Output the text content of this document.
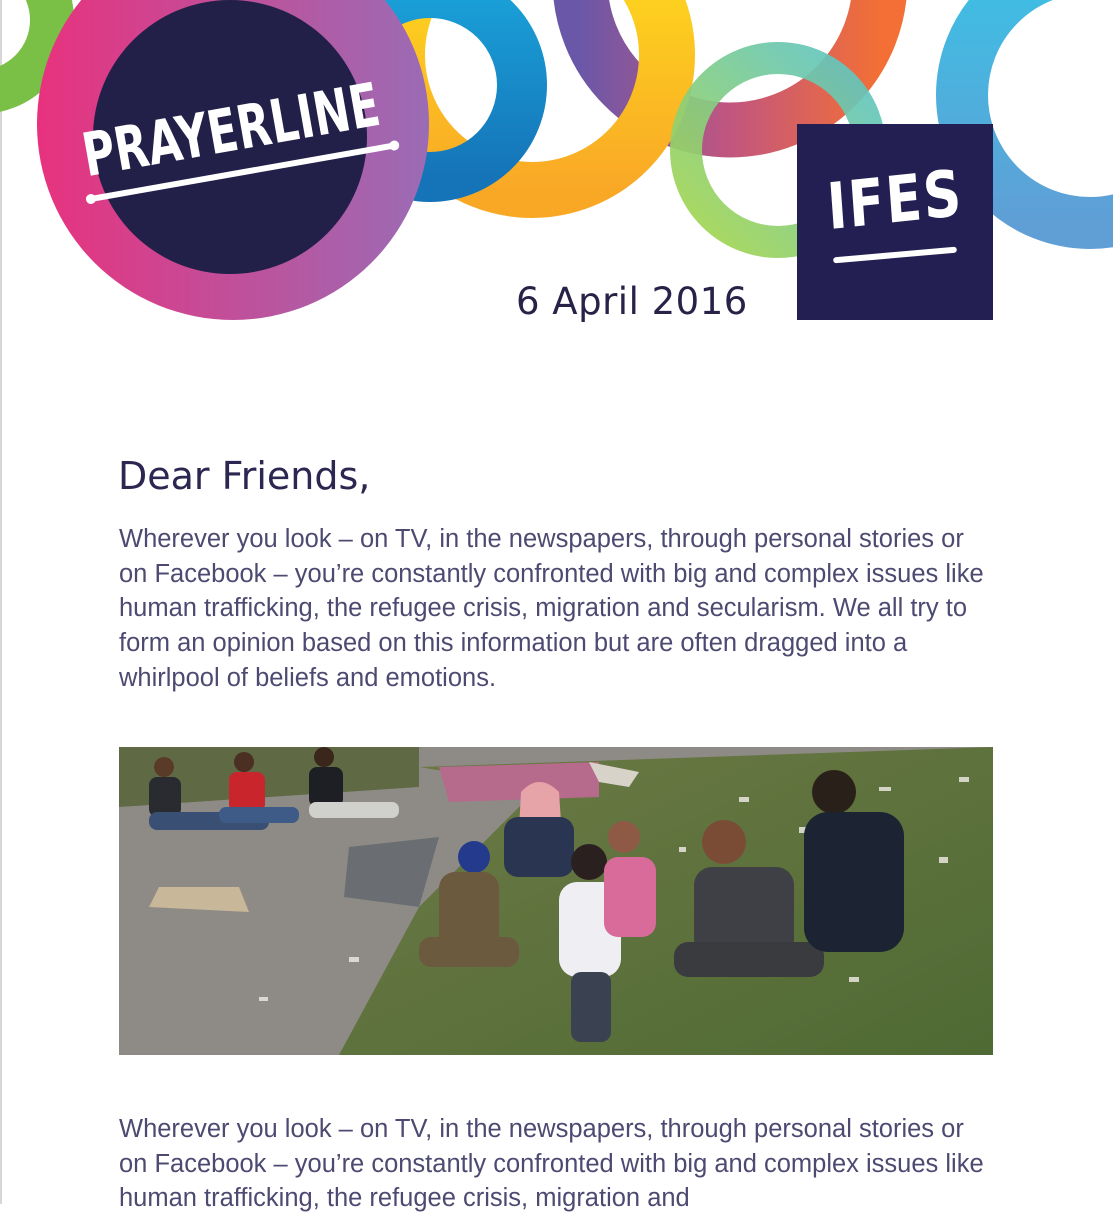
PRAYERLINE
IFES
6 April 2016
Dear Friends,

Wherever you look – on TV, in the newspapers, through personal stories or on Facebook – you’re constantly confronted with big and complex issues like human trafficking, the refugee crisis, migration and secularism. We all try to form an opinion based on this information but are often dragged into a whirlpool of beliefs and emotions.

Wherever you look – on TV, in the newspapers, through personal stories or on Facebook – you’re constantly confronted with big and complex issues like human trafficking, the refugee crisis, migration and
